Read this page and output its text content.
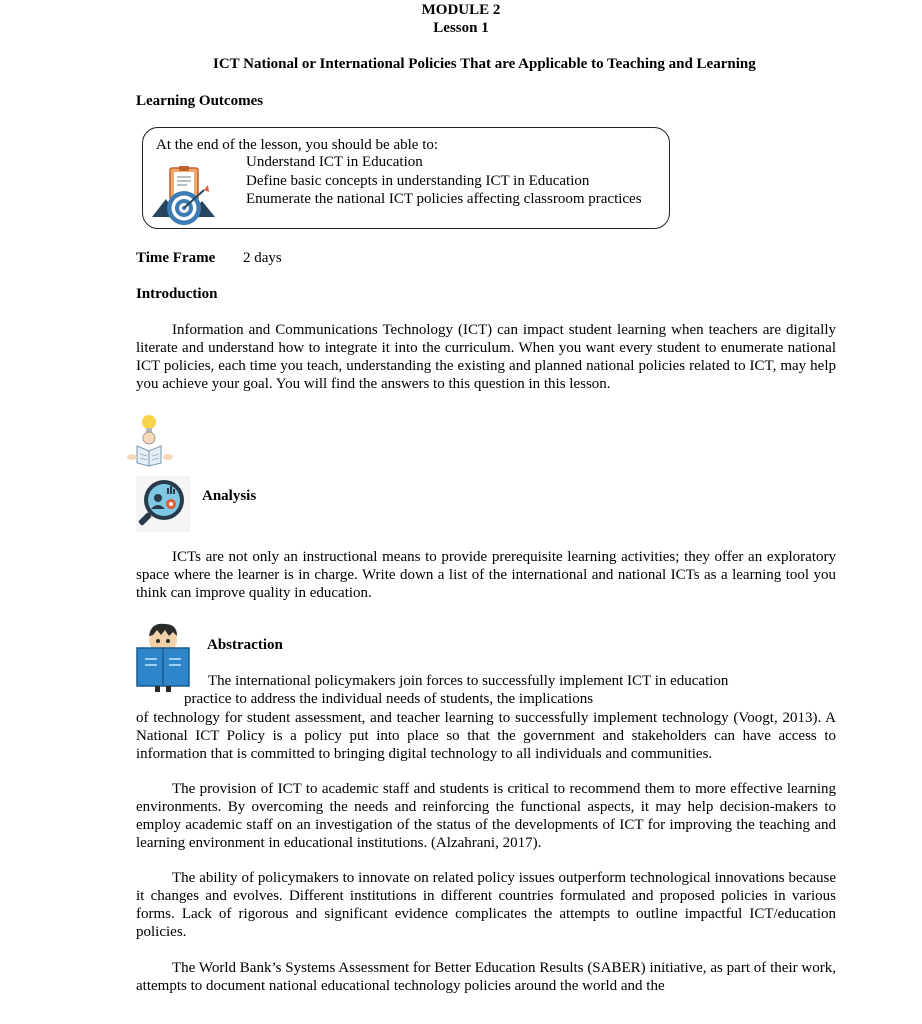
MODULE 2
Lesson 1
ICT National or International Policies That are Applicable to Teaching and Learning
Learning Outcomes
At the end of the lesson, you should be able to:
Understand ICT in Education
Define basic concepts in understanding ICT in Education
Enumerate the national ICT policies affecting classroom practices
Time Frame 2 days
Introduction
Information and Communications Technology (ICT) can impact student learning when teachers are digitally literate and understand how to integrate it into the curriculum. When you want every student to enumerate national ICT policies, each time you teach, understanding the existing and planned national policies related to ICT, may help you achieve your goal. You will find the answers to this question in this lesson.
Analysis
ICTs are not only an instructional means to provide prerequisite learning activities; they offer an exploratory space where the learner is in charge. Write down a list of the international and national ICTs as a learning tool you think can improve quality in education.
Abstraction
The international policymakers join forces to successfully implement ICT in education
practice to address the individual needs of students, the implications
of technology for student assessment, and teacher learning to successfully implement technology (Voogt, 2013). A National ICT Policy is a policy put into place so that the government and stakeholders can have access to information that is committed to bringing digital technology to all individuals and communities.
The provision of ICT to academic staff and students is critical to recommend them to more effective learning environments. By overcoming the needs and reinforcing the functional aspects, it may help decision-makers to employ academic staff on an investigation of the status of the developments of ICT for improving the teaching and learning environment in educational institutions. (Alzahrani, 2017).
The ability of policymakers to innovate on related policy issues outperform technological innovations because it changes and evolves. Different institutions in different countries formulated and proposed policies in various forms. Lack of rigorous and significant evidence complicates the attempts to outline impactful ICT/education policies.
The World Bank’s Systems Assessment for Better Education Results (SABER) initiative, as part of their work, attempts to document national educational technology policies around the world and the
